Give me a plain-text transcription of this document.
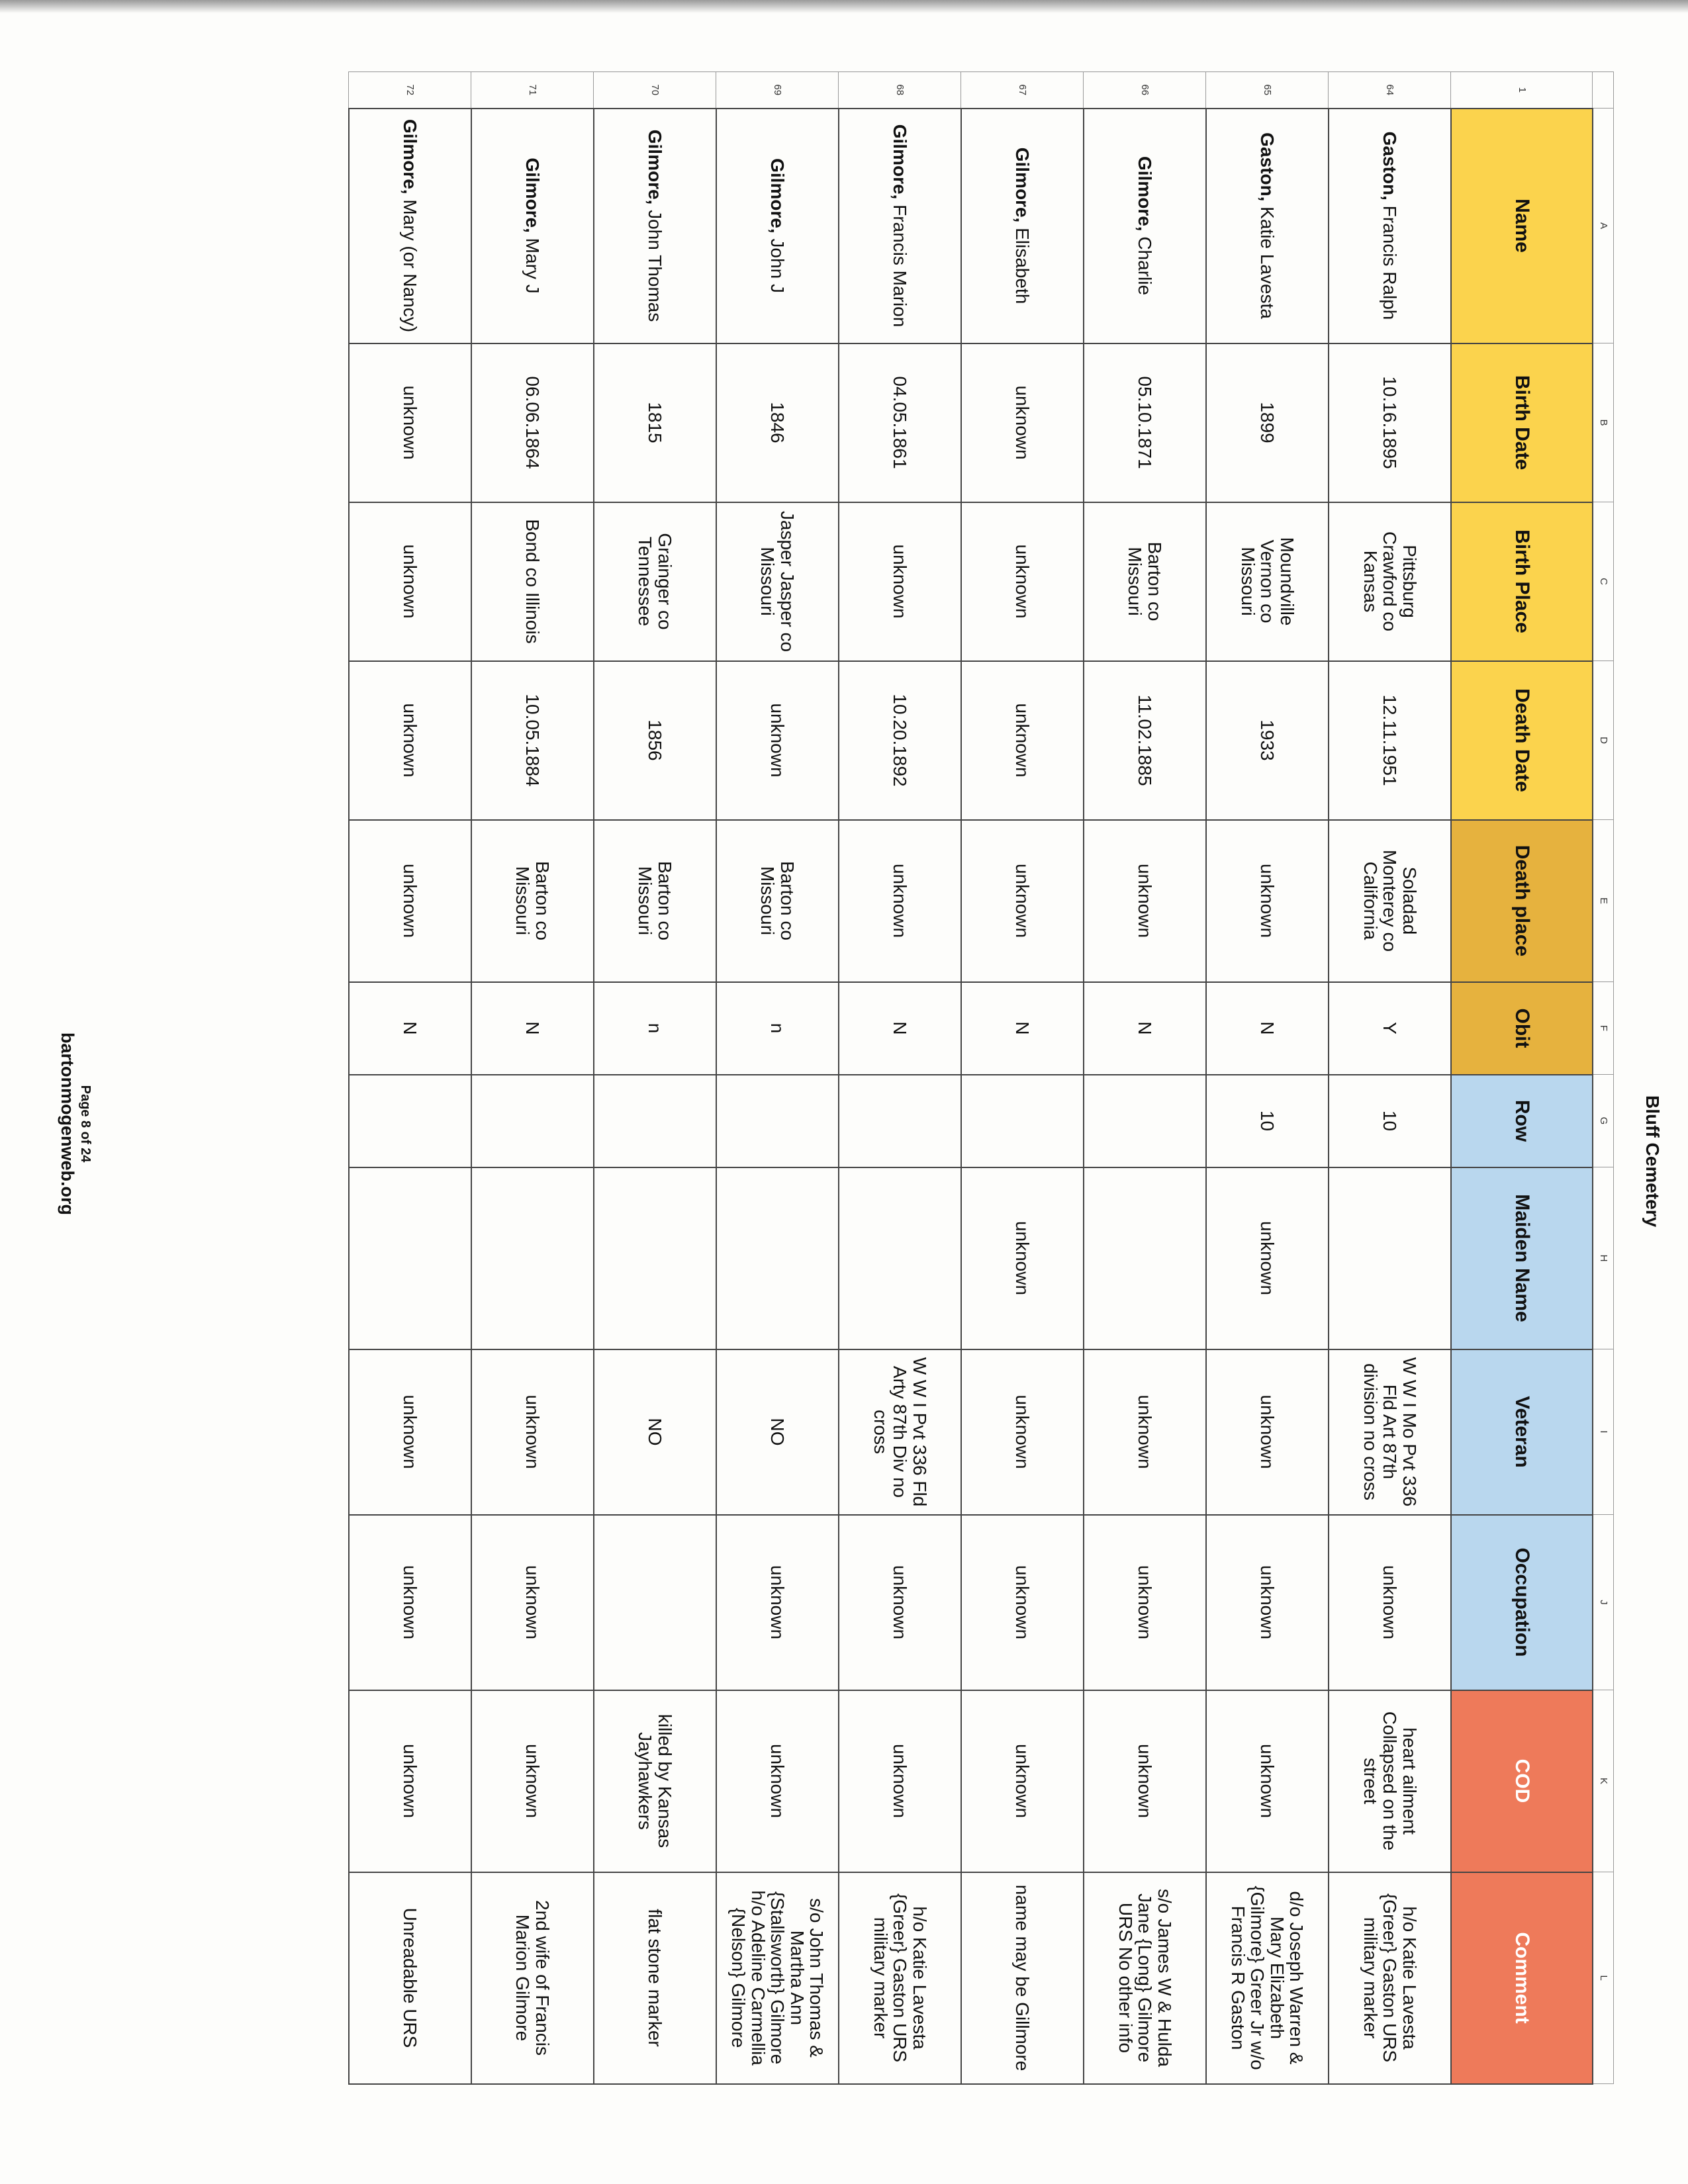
Bluff Cemetery
	A	B	C	D	E	F	G	H	I	J	K	L
1	Name	Birth Date	Birth Place	Death Date	Death place	Obit	Row	Maiden Name	Veteran	Occupation	COD	Comment
64	Gaston, Francis Ralph	10.16.1895	Pittsburg Crawford co Kansas	12.11.1951	Soladad Monterey co California	Y	10		W W I Mo Pvt 336 Fld Art 87th division no cross	unknown	heart ailment Collapsed on the street	h/o Katie Lavesta {Greer} Gaston URS military marker
65	Gaston, Katie Lavesta	1899	Moundville Vernon co Missouri	1933	unknown	N	10	unknown	unknown	unknown	unknown	d/o Joseph Warren & Mary Elizabeth {Gilmore} Greer Jr w/o Francis R Gaston
66	Gilmore, Charlie	05.10.1871	Barton co Missouri	11.02.1885	unknown	N			unknown	unknown	unknown	s/o James W & Hulda Jane {Long} Gilmore URS No other info
67	Gilmore, Elisabeth	unknown	unknown	unknown	unknown	N		unknown	unknown	unknown	unknown	name may be Gillmore
68	Gilmore, Francis Marion	04.05.1861	unknown	10.20.1892	unknown	N			W W I Pvt 336 Fld Arty 87th Div no cross	unknown	unknown	h/o Katie Lavesta {Greer} Gaston URS military marker
69	Gilmore, John J	1846	Jasper Jasper co Missouri	unknown	Barton co Missouri	n			NO	unknown	unknown	s/o John Thomas & Martha Ann {Stallsworth} Gilmore h/o Adeline Carmellia {Nelson} Gilmore
70	Gilmore, John Thomas	1815	Grainger co Tennessee	1856	Barton co Missouri	n			NO		killed by Kansas Jayhawkers	flat stone marker
71	Gilmore, Mary J	06.06.1864	Bond co Illinois	10.05.1884	Barton co Missouri	N			unknown	unknown	unknown	2nd wife of Francis Marion Gilmore
72	Gilmore, Mary (or Nancy)	unknown	unknown	unknown	unknown	N			unknown	unknown	unknown	Unreadable URS
Page 8 of 24
bartonmogenweb.org
